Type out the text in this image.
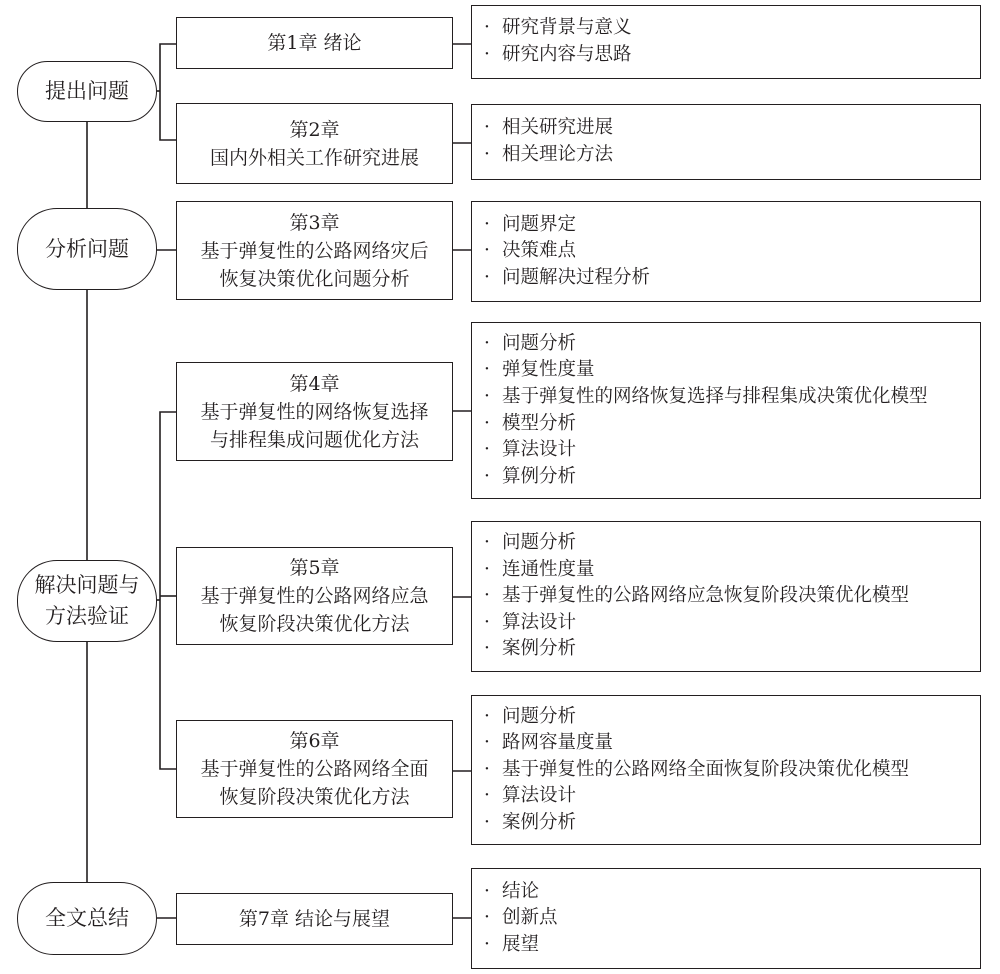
提出问题
分析问题
解决问题与
方法验证
全文总结
第1章 绪论
第2章
国内外相关工作研究进展
第3章
基于弹复性的公路网络灾后
恢复决策优化问题分析
第4章
基于弹复性的网络恢复选择
与排程集成问题优化方法
第5章
基于弹复性的公路网络应急
恢复阶段决策优化方法
第6章
基于弹复性的公路网络全面
恢复阶段决策优化方法
第7章 结论与展望
· 研究背景与意义
· 研究内容与思路
· 相关研究进展
· 相关理论方法
· 问题界定
· 决策难点
· 问题解决过程分析
· 问题分析
· 弹复性度量
· 基于弹复性的网络恢复选择与排程集成决策优化模型
· 模型分析
· 算法设计
· 算例分析
· 问题分析
· 连通性度量
· 基于弹复性的公路网络应急恢复阶段决策优化模型
· 算法设计
· 案例分析
· 问题分析
· 路网容量度量
· 基于弹复性的公路网络全面恢复阶段决策优化模型
· 算法设计
· 案例分析
· 结论
· 创新点
· 展望
